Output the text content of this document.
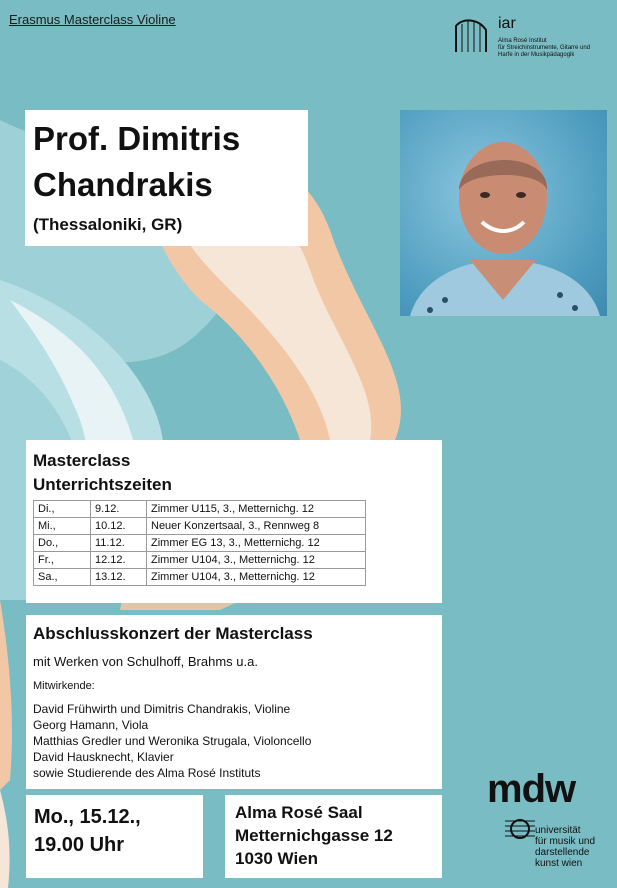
Erasmus Masterclass Violine	iar
Alma Rosé Institut
für Streichinstrumente, Gitarre und
Harfe in der Musikpädagogik
Prof. Dimitris
Chandrakis
(Thessaloniki, GR)
Masterclass
Unterrichtszeiten
Di.,	9.12.	Zimmer U115, 3., Metternichg. 12
Mi.,	10.12.	Neuer Konzertsaal, 3., Rennweg 8
Do.,	11.12.	Zimmer EG 13, 3., Metternichg. 12
Fr.,	12.12.	Zimmer U104, 3., Metternichg. 12
Sa.,	13.12.	Zimmer U104, 3., Metternichg. 12
Abschlusskonzert der Masterclass
mit Werken von Schulhoff, Brahms u.a.
Mitwirkende:
David Frühwirth und Dimitris Chandrakis, Violine
Georg Hamann, Viola
Matthias Gredler und Weronika Strugala, Violoncello
David Hausknecht, Klavier
sowie Studierende des Alma Rosé Instituts
Mo., 15.12.,
19.00 Uhr
Alma Rosé Saal
Metternichgasse 12
1030 Wien
mdw
universität
für musik und
darstellende
kunst wien
